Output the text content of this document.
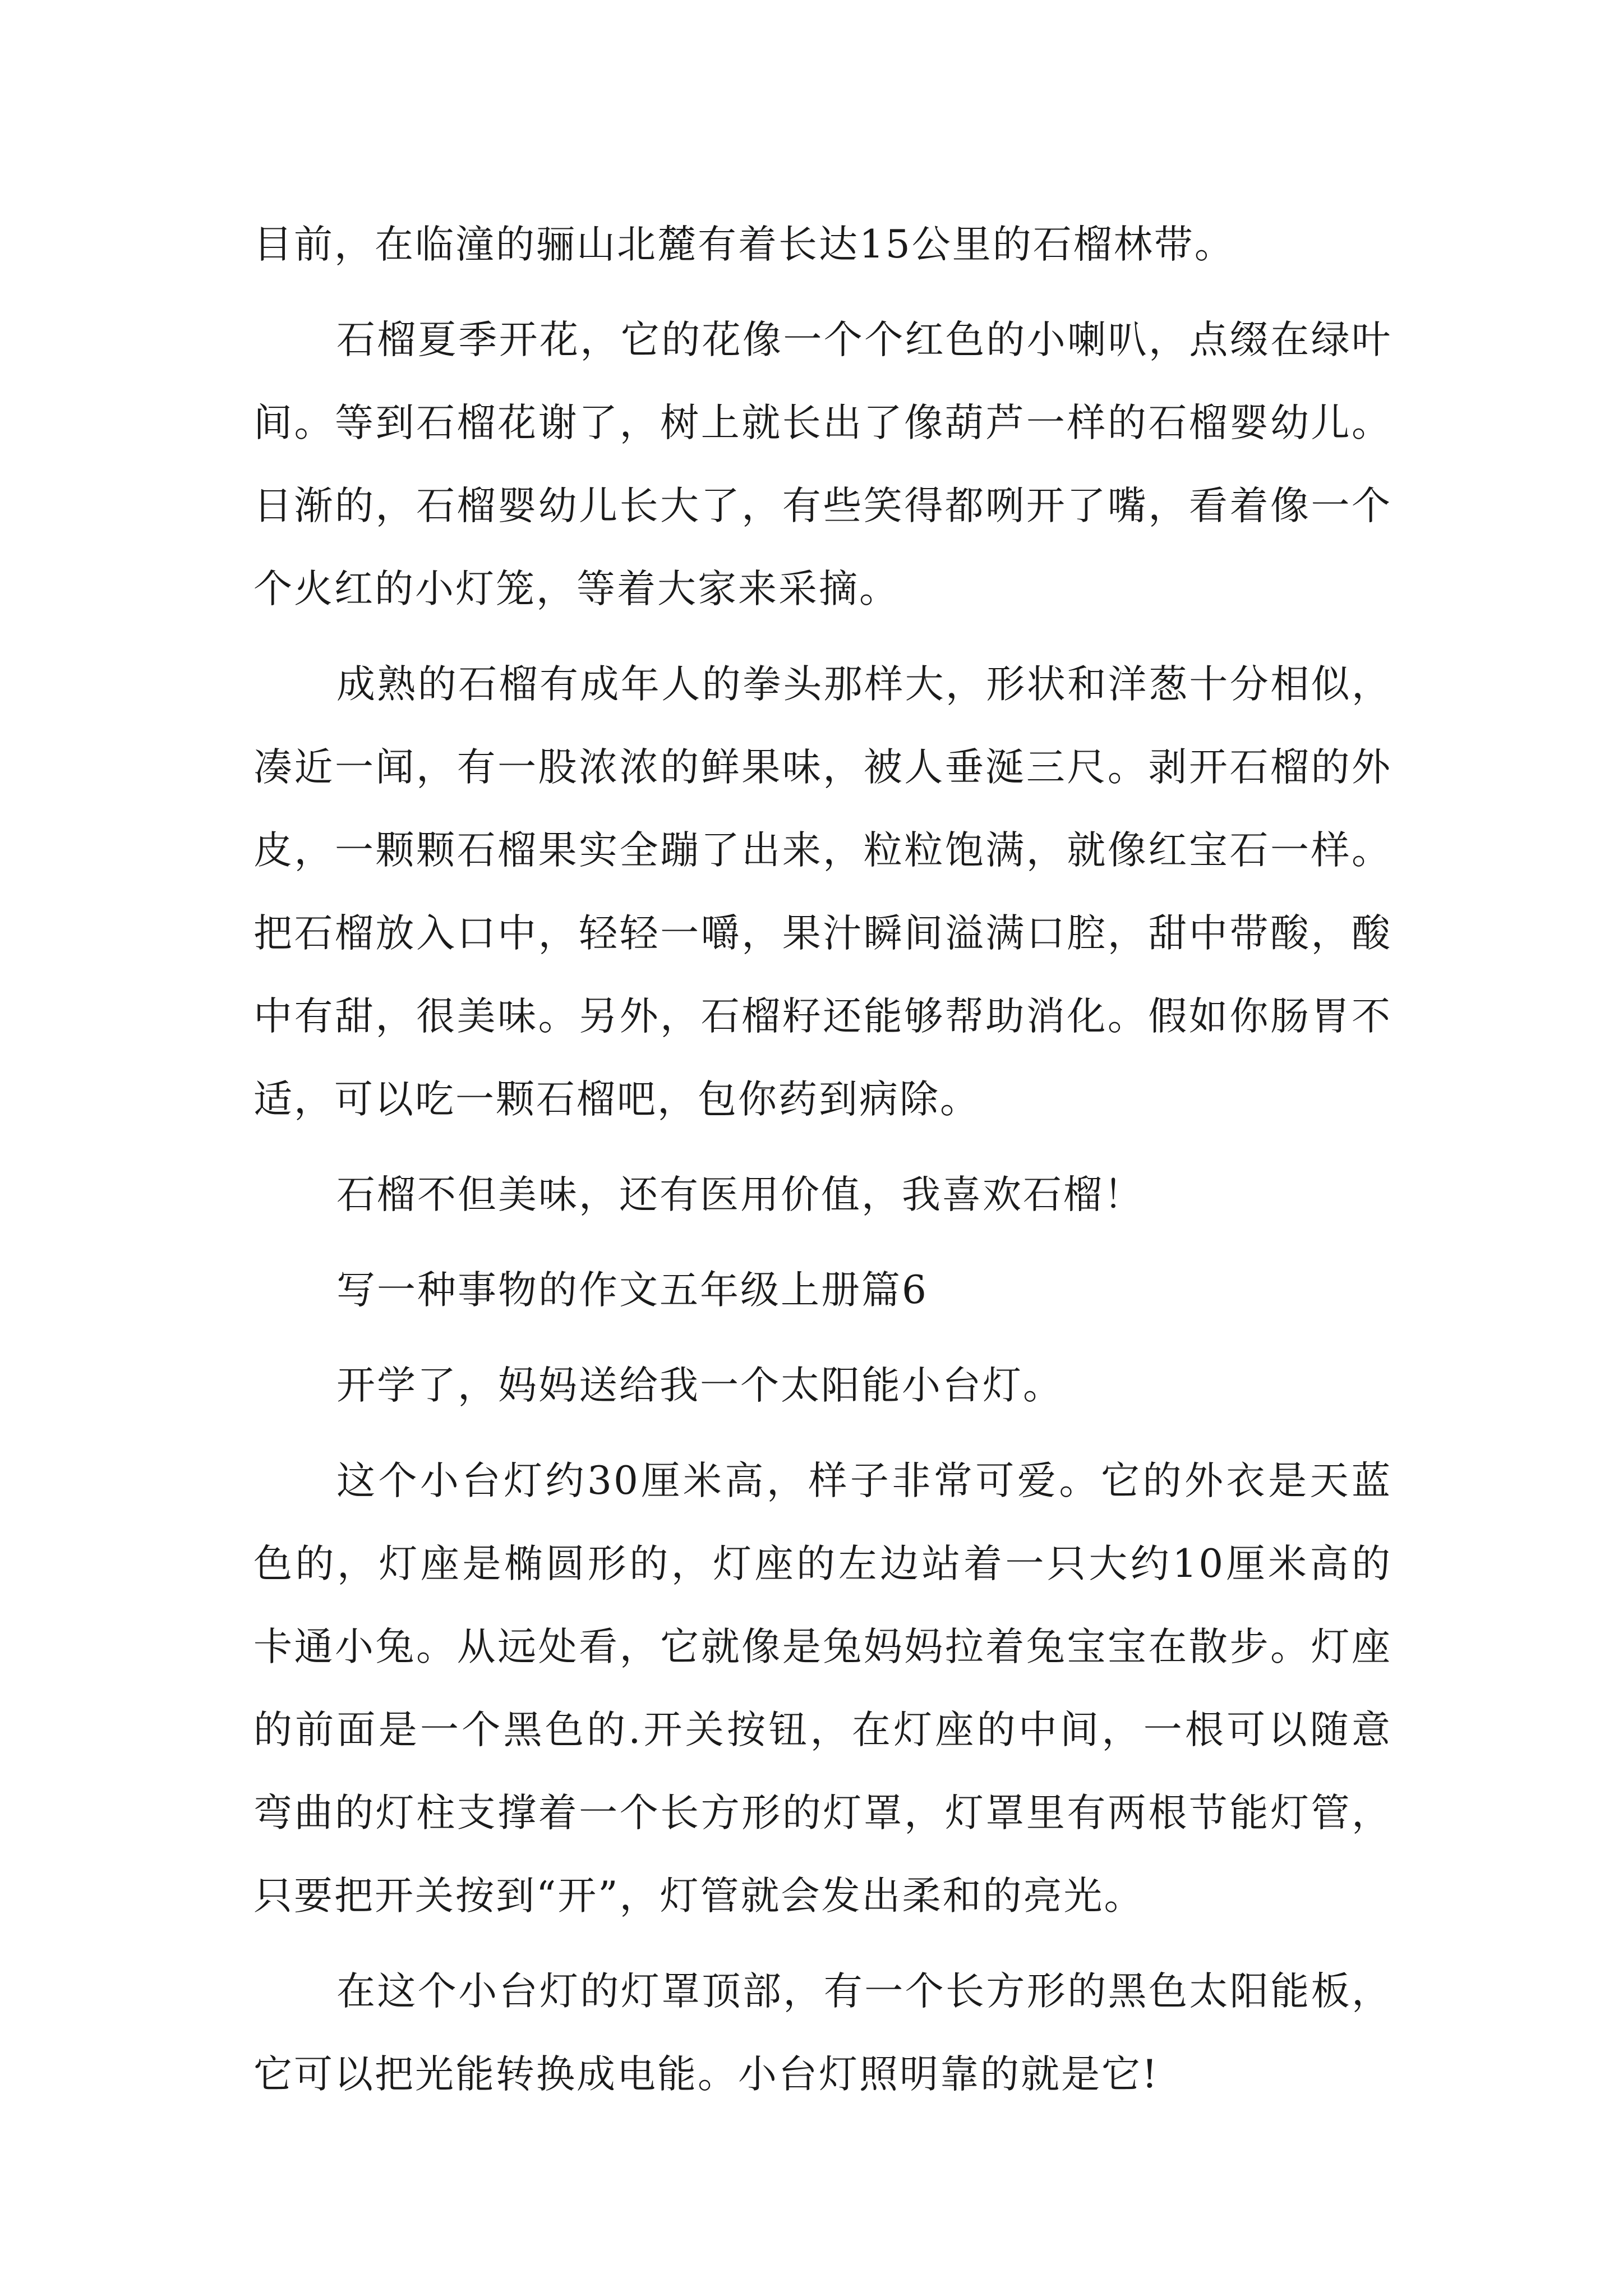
目前，在临潼的骊山北麓有着长达15公里的石榴林带。

石榴夏季开花，它的花像一个个红色的小喇叭，点缀在绿叶间。等到石榴花谢了，树上就长出了像葫芦一样的石榴婴幼儿。日渐的，石榴婴幼儿长大了，有些笑得都咧开了嘴，看着像一个个火红的小灯笼，等着大家来采摘。

成熟的石榴有成年人的拳头那样大，形状和洋葱十分相似，凑近一闻，有一股浓浓的鲜果味，被人垂涎三尺。剥开石榴的外皮，一颗颗石榴果实全蹦了出来，粒粒饱满，就像红宝石一样。把石榴放入口中，轻轻一嚼，果汁瞬间溢满口腔，甜中带酸，酸中有甜，很美味。另外，石榴籽还能够帮助消化。假如你肠胃不适，可以吃一颗石榴吧，包你药到病除。

石榴不但美味，还有医用价值，我喜欢石榴！

写一种事物的作文五年级上册篇6

开学了，妈妈送给我一个太阳能小台灯。

这个小台灯约30厘米高，样子非常可爱。它的外衣是天蓝色的，灯座是椭圆形的，灯座的左边站着一只大约10厘米高的卡通小兔。从远处看，它就像是兔妈妈拉着兔宝宝在散步。灯座的前面是一个黑色的.开关按钮，在灯座的中间，一根可以随意弯曲的灯柱支撑着一个长方形的灯罩，灯罩里有两根节能灯管，只要把开关按到“开”，灯管就会发出柔和的亮光。

在这个小台灯的灯罩顶部，有一个长方形的黑色太阳能板，它可以把光能转换成电能。小台灯照明靠的就是它!
